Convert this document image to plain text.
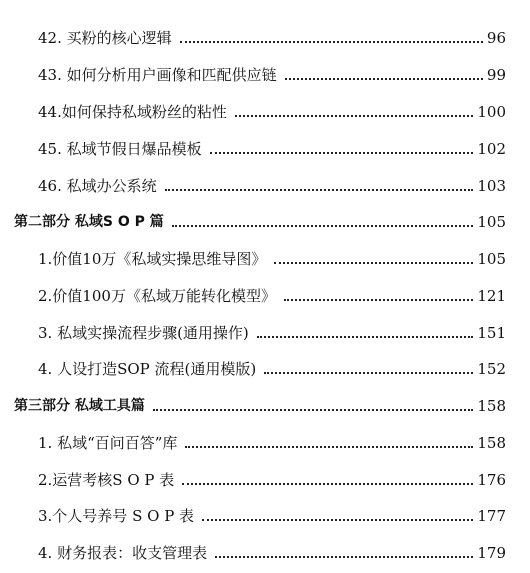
42. 买粉的核心逻辑	96
43. 如何分析用户画像和匹配供应链	99
44.如何保持私域粉丝的粘性	100
45. 私域节假日爆品模板	102
46. 私域办公系统	103
第二部分 私域S O P 篇	105
1.价值10万《私域实操思维导图》	105
2.价值100万《私域万能转化模型》	121
3. 私域实操流程步骤(通用操作)	151
4. 人设打造SOP 流程(通用模版)	152
第三部分 私域工具篇	158
1. 私域“百问百答”库	158
2.运营考核S O P 表	176
3.个人号养号 S O P 表	177
4. 财务报表：收支管理表	179
